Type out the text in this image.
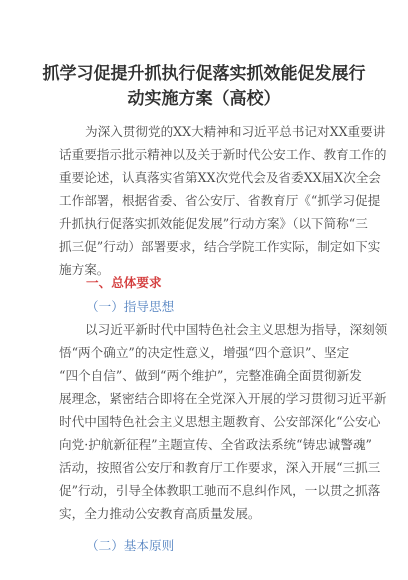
抓学习促提升抓执行促落实抓效能促发展行
动实施方案（高校）
为深入贯彻党的XX大精神和习近平总书记对XX重要讲
话重要指示批示精神以及关于新时代公安工作、教育工作的
重要论述，认真落实省第XX次党代会及省委XX届X次全会
工作部署，根据省委、省公安厅、省教育厅《“抓学习促提
升抓执行促落实抓效能促发展”行动方案》（以下简称“三
抓三促”行动）部署要求，结合学院工作实际，制定如下实
施方案。
一、总体要求
（一）指导思想
以习近平新时代中国特色社会主义思想为指导，深刻领
悟“两个确立”的决定性意义，增强“四个意识”、坚定
“四个自信”、做到“两个维护”，完整准确全面贯彻新发
展理念，紧密结合即将在全党深入开展的学习贯彻习近平新
时代中国特色社会主义思想主题教育、公安部深化“公安心
向党·护航新征程”主题宣传、全省政法系统“铸忠诚警魂”
活动，按照省公安厅和教育厅工作要求，深入开展“三抓三
促”行动，引导全体教职工驰而不息纠作风，一以贯之抓落
实，全力推动公安教育高质量发展。
（二）基本原则
